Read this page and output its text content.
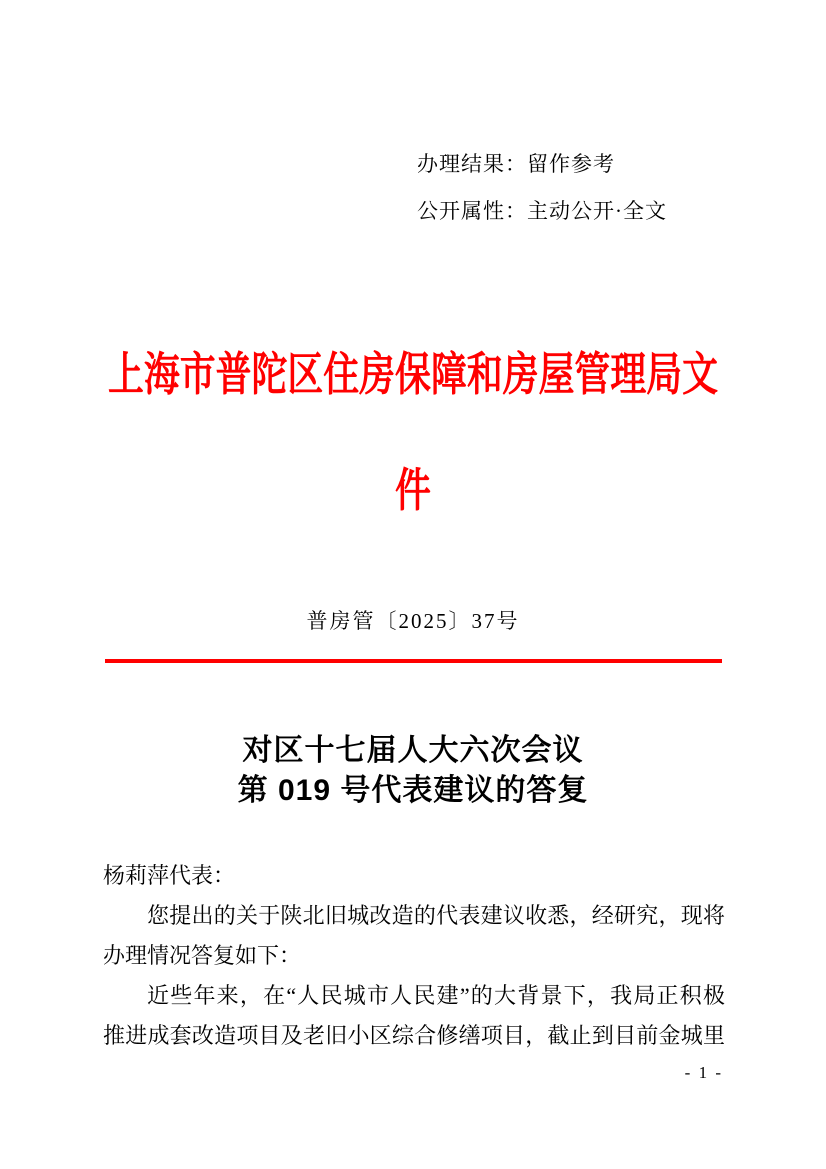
办理结果：留作参考
公开属性：主动公开·全文
上海市普陀区住房保障和房屋管理局文
件
普房管〔2025〕37号
对区十七届人大六次会议
第 019 号代表建议的答复
杨莉萍代表：
您提出的关于陕北旧城改造的代表建议收悉，经研究，现将
办理情况答复如下：
近些年来，在“人民城市人民建”的大背景下，我局正积极
推进成套改造项目及老旧小区综合修缮项目，截止到目前金城里
- 1 -
